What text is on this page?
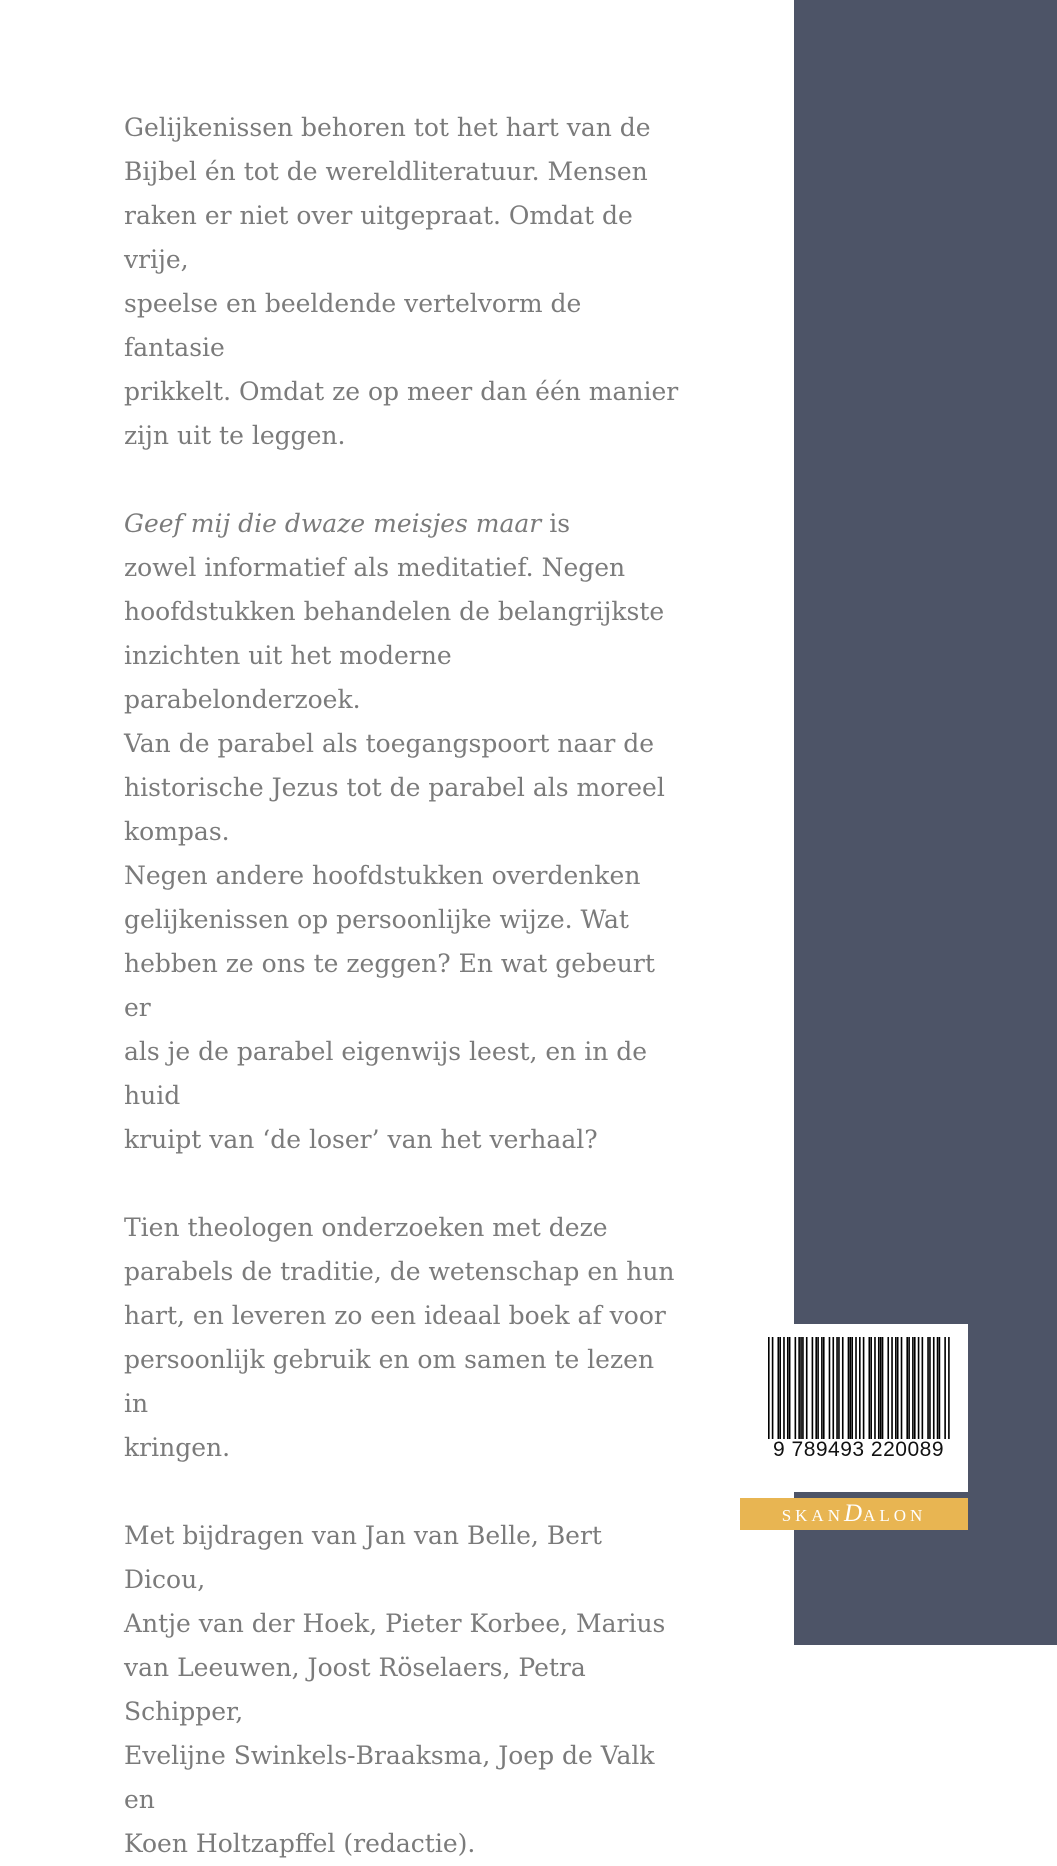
Gelijkenissen behoren tot het hart van de
Bijbel én tot de wereldliteratuur. Mensen
raken er niet over uitgepraat. Omdat de vrije,
speelse en beeldende vertelvorm de fantasie
prikkelt. Omdat ze op meer dan één manier
zijn uit te leggen.

Geef mij die dwaze meisjes maar is

zowel informatief als meditatief. Negen
hoofdstukken behandelen de belangrijkste
inzichten uit het moderne parabelonderzoek.
Van de parabel als toegangspoort naar de
historische Jezus tot de parabel als moreel
kompas.
Negen andere hoofdstukken overdenken
gelijkenissen op persoonlijke wijze. Wat
hebben ze ons te zeggen? En wat gebeurt er
als je de parabel eigenwijs leest, en in de huid
kruipt van ‘de loser’ van het verhaal?

Tien theologen onderzoeken met deze
parabels de traditie, de wetenschap en hun
hart, en leveren zo een ideaal boek af voor
persoonlijk gebruik en om samen te lezen in
kringen.

Met bijdragen van Jan van Belle, Bert Dicou,
Antje van der Hoek, Pieter Korbee, Marius
van Leeuwen, Joost Röselaers, Petra Schipper,
Evelijne Swinkels-Braaksma, Joep de Valk en
Koen Holtzapffel (redactie).

9 789493 220089
SKANDALON
